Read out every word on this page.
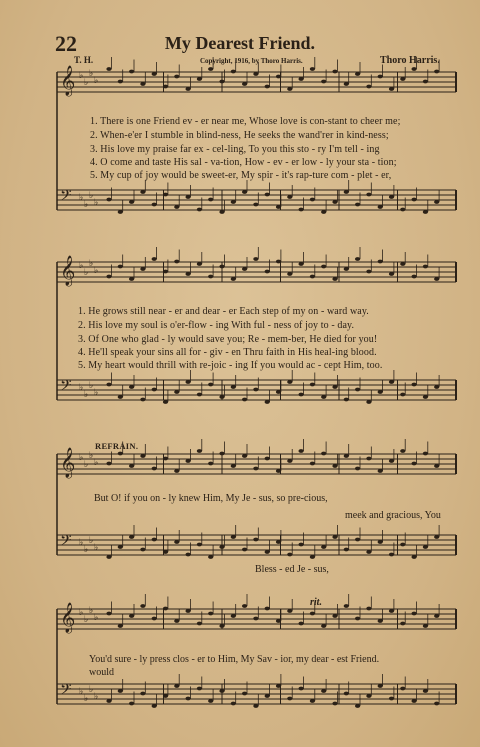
𝄞 ♭
♭
♭
♭
𝄢 ♭
♭
♭
♭
𝄞 ♭
♭
♭
♭
𝄢 ♭
♭
♭
♭
𝄞 ♭
♭
♭
♭
𝄢 ♭
♭
♭
♭
𝄞 ♭
♭
♭
♭
𝄢 ♭
♭
♭
♭
22	My Dearest Friend.
T. H.	Copyright, 1916, by Thoro Harris.	Thoro Harris.
1. There is one Friend ev - er near me, Whose love is con-stant to cheer me;
2. When-e'er I stumble in blind-ness, He seeks the wand'rer in kind-ness;
3. His love my praise far ex - cel-ling, To you this sto - ry I'm tell - ing
4. O come and taste His sal - va-tion, How - ev - er low - ly your sta - tion;
5. My cup of joy would be sweet-er, My spir - it's rap-ture com - plet - er,
1. He grows still near - er and dear - er Each step of my on - ward way.
2. His love my soul is o'er-flow - ing With ful - ness of joy to - day.
3. Of One who glad - ly would save you; Re - mem-ber, He died for you!
4. He'll speak your sins all for - giv - en Thru faith in His heal-ing blood.
5. My heart would thrill with re-joic - ing If you would ac - cept Him, too.
REFRAIN.
But O! if you on - ly knew Him, My Je - sus, so pre-cious,
meek and gracious, You
Bless - ed Je - sus,
rit.
You'd sure - ly press clos - er to Him, My Sav - ior, my dear - est Friend.
would
